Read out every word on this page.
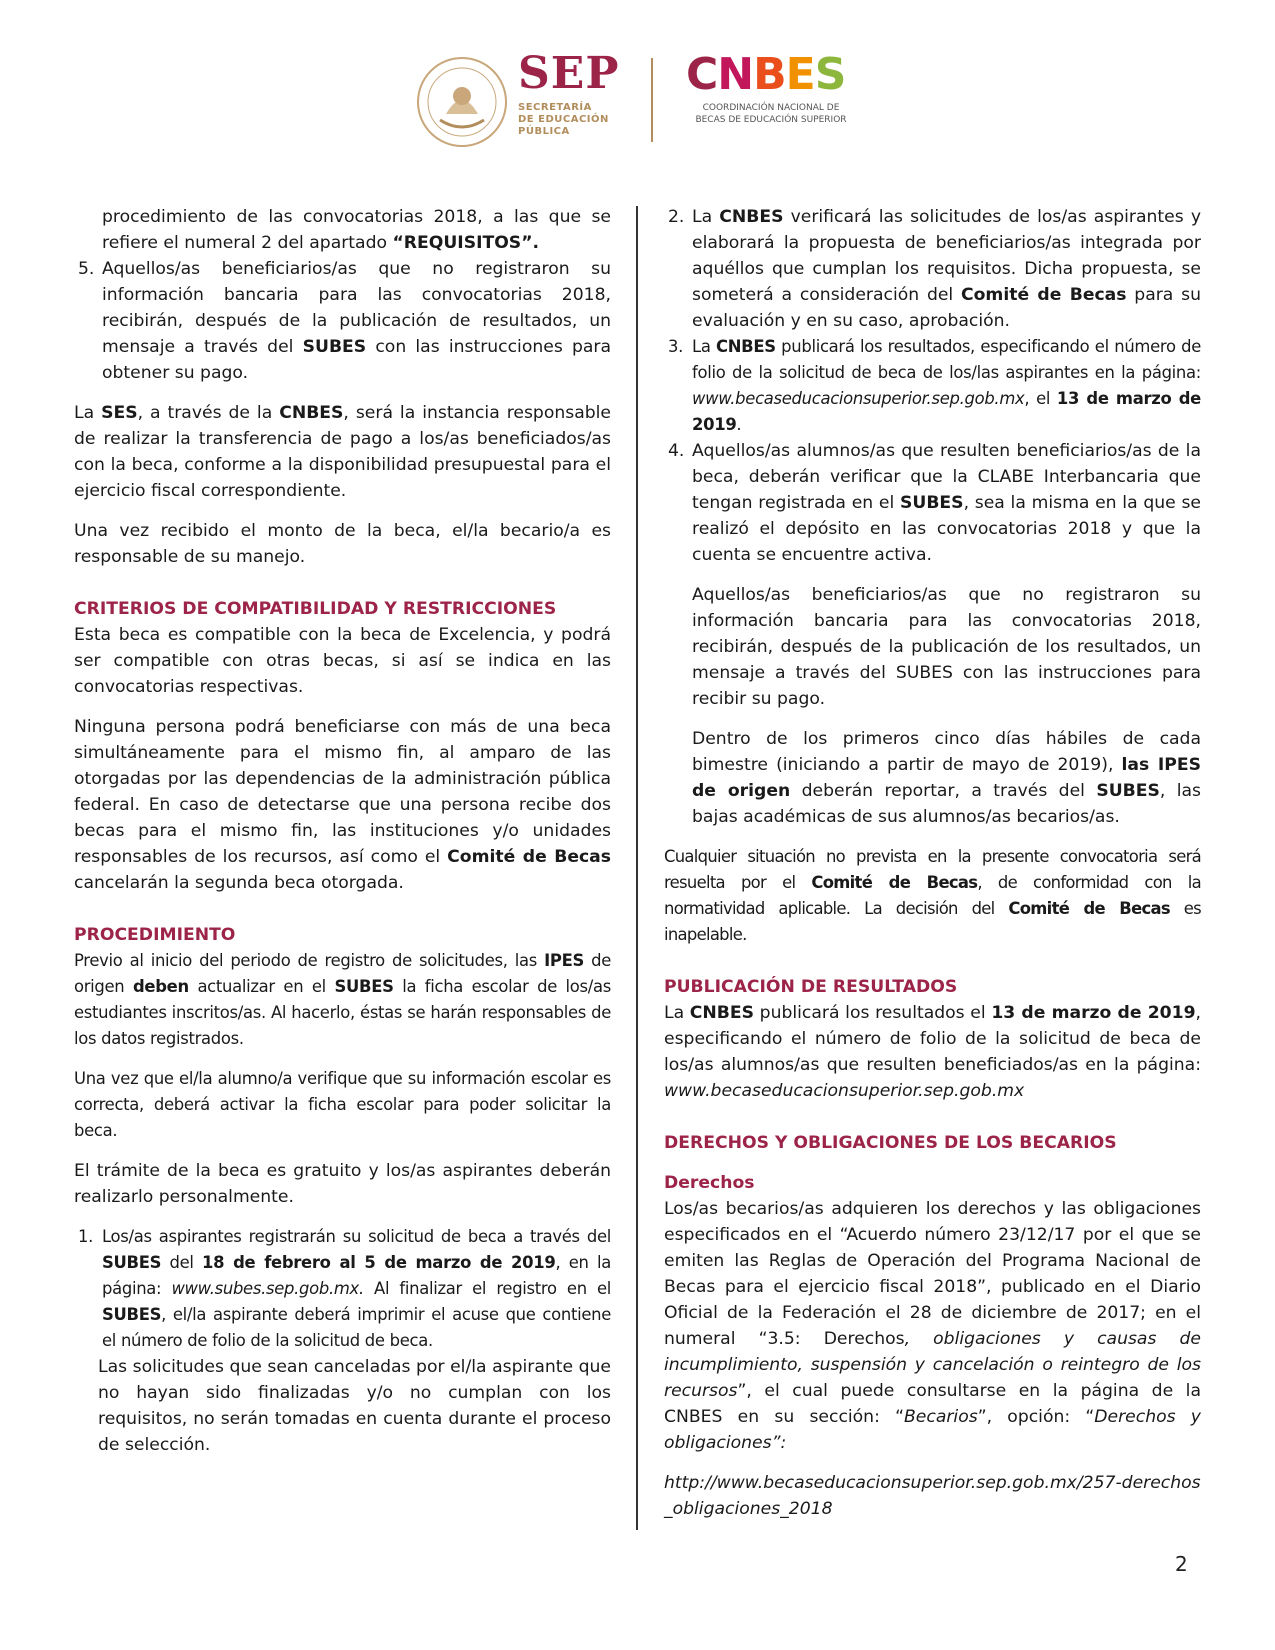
SEP
SECRETARÍA
DE EDUCACIÓN
PÚBLICA
CNBES
COORDINACIÓN NACIONAL DE
BECAS DE EDUCACIÓN SUPERIOR

procedimiento de las convocatorias 2018, a las que se refiere el numeral 2 del apartado “REQUISITOS”.

5. Aquellos/as beneficiarios/as que no registraron su información bancaria para las convocatorias 2018, recibirán, después de la publicación de resultados, un mensaje a través del SUBES con las instrucciones para obtener su pago.

La SES, a través de la CNBES, será la instancia responsable de realizar la transferencia de pago a los/as beneficiados/as con la beca, conforme a la disponibilidad presupuestal para el ejercicio fiscal correspondiente.

Una vez recibido el monto de la beca, el/la becario/a es responsable de su manejo.

CRITERIOS DE COMPATIBILIDAD Y RESTRICCIONES

Esta beca es compatible con la beca de Excelencia, y podrá ser compatible con otras becas, si así se indica en las convocatorias respectivas.

Ninguna persona podrá beneficiarse con más de una beca simultáneamente para el mismo fin, al amparo de las otorgadas por las dependencias de la administración pública federal. En caso de detectarse que una persona recibe dos becas para el mismo fin, las instituciones y/o unidades responsables de los recursos, así como el Comité de Becas cancelarán la segunda beca otorgada.

PROCEDIMIENTO

Previo al inicio del periodo de registro de solicitudes, las IPES de origen deben actualizar en el SUBES la ficha escolar de los/as estudiantes inscritos/as. Al hacerlo, éstas se harán responsables de los datos registrados.

Una vez que el/la alumno/a verifique que su información escolar es correcta, deberá activar la ficha escolar para poder solicitar la beca.

El trámite de la beca es gratuito y los/as aspirantes deberán realizarlo personalmente.

1. Los/as aspirantes registrarán su solicitud de beca a través del SUBES del 18 de febrero al 5 de marzo de 2019, en la página: www.subes.sep.gob.mx. Al finalizar el registro en el SUBES, el/la aspirante deberá imprimir el acuse que contiene el número de folio de la solicitud de beca.

Las solicitudes que sean canceladas por el/la aspirante que no hayan sido finalizadas y/o no cumplan con los requisitos, no serán tomadas en cuenta durante el proceso de selección.

2. La CNBES verificará las solicitudes de los/as aspirantes y elaborará la propuesta de beneficiarios/as integrada por aquéllos que cumplan los requisitos. Dicha propuesta, se someterá a consideración del Comité de Becas para su evaluación y en su caso, aprobación.

3. La CNBES publicará los resultados, especificando el número de folio de la solicitud de beca de los/las aspirantes en la página: www.becaseducacionsuperior.sep.gob.mx, el 13 de marzo de 2019.

4. Aquellos/as alumnos/as que resulten beneficiarios/as de la beca, deberán verificar que la CLABE Interbancaria que tengan registrada en el SUBES, sea la misma en la que se realizó el depósito en las convocatorias 2018 y que la cuenta se encuentre activa.

Aquellos/as beneficiarios/as que no registraron su información bancaria para las convocatorias 2018, recibirán, después de la publicación de los resultados, un mensaje a través del SUBES con las instrucciones para recibir su pago.

Dentro de los primeros cinco días hábiles de cada bimestre (iniciando a partir de mayo de 2019), las IPES de origen deberán reportar, a través del SUBES, las bajas académicas de sus alumnos/as becarios/as.

Cualquier situación no prevista en la presente convocatoria será resuelta por el Comité de Becas, de conformidad con la normatividad aplicable. La decisión del Comité de Becas es inapelable.

PUBLICACIÓN DE RESULTADOS

La CNBES publicará los resultados el 13 de marzo de 2019, especificando el número de folio de la solicitud de beca de los/as alumnos/as que resulten beneficiados/as en la página: www.becaseducacionsuperior.sep.gob.mx

DERECHOS Y OBLIGACIONES DE LOS BECARIOS

Derechos

Los/as becarios/as adquieren los derechos y las obligaciones especificados en el “Acuerdo número 23/12/17 por el que se emiten las Reglas de Operación del Programa Nacional de Becas para el ejercicio fiscal 2018”, publicado en el Diario Oficial de la Federación el 28 de diciembre de 2017; en el numeral “3.5: Derechos, obligaciones y causas de incumplimiento, suspensión y cancelación o reintegro de los recursos”, el cual puede consultarse en la página de la CNBES en su sección: “Becarios”, opción: “Derechos y obligaciones”:

http://www.becaseducacionsuperior.sep.gob.mx/257-derechos_obligaciones_2018

2
